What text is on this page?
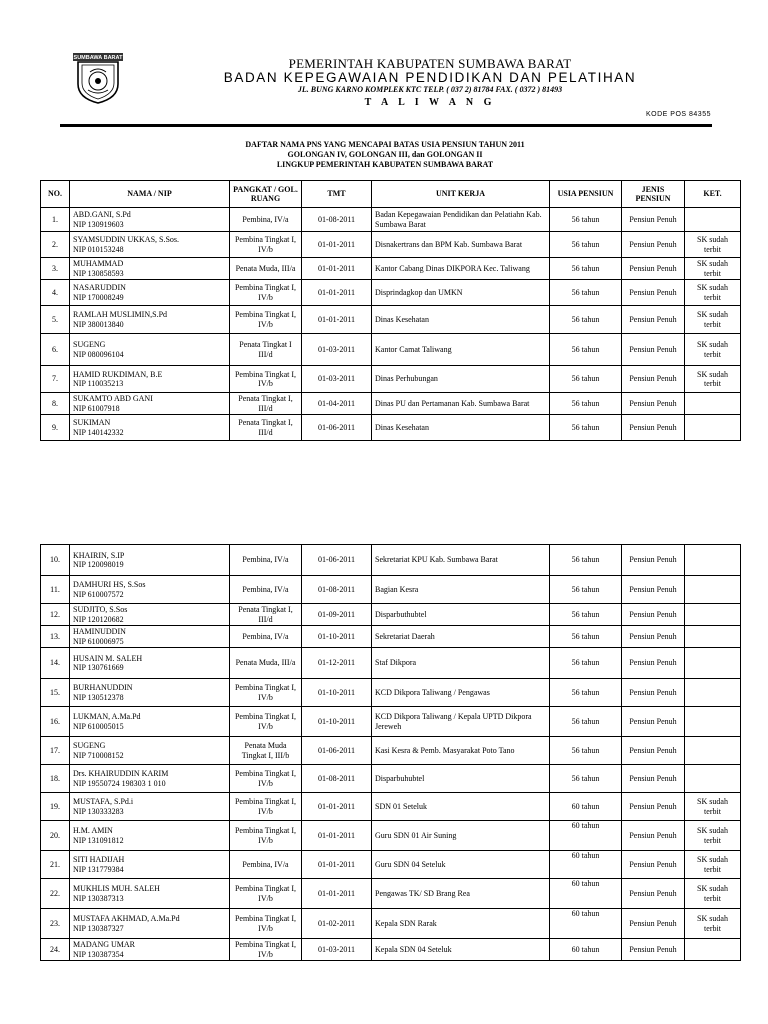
SUMBAWA BARAT	PEMERINTAH KABUPATEN SUMBAWA BARAT
BADAN KEPEGAWAIAN PENDIDIKAN DAN PELATIHAN
JL. BUNG KARNO KOMPLEK KTC TELP. ( 037 2) 81784 FAX. ( 0372 ) 81493
T A L I W A N G
KODE POS 84355
DAFTAR NAMA PNS YANG MENCAPAI BATAS USIA PENSIUN TAHUN 2011
GOLONGAN IV, GOLONGAN III, dan GOLONGAN II
LINGKUP PEMERINTAH KABUPATEN SUMBAWA BARAT
NO.	NAMA / NIP	PANGKAT / GOL. RUANG	TMT	UNIT KERJA	USIA PENSIUN	JENIS PENSIUN	KET.
1.	ABD.GANI, S.Pd
NIP 130919603	Pembina, IV/a	01-08-2011	Badan Kepegawaian Pendidikan dan Pelatiahn Kab. Sumbawa Barat	56 tahun	Pensiun Penuh	
2.	SYAMSUDDIN UKKAS, S.Sos.
NIP 010153248	Pembina Tingkat I, IV/b	01-01-2011	Disnakertrans dan BPM Kab. Sumbawa Barat	56 tahun	Pensiun Penuh	SK sudah terbit
3.	MUHAMMAD
NIP 130858593	Penata Muda, III/a	01-01-2011	Kantor Cabang Dinas DIKPORA Kec. Taliwang	56 tahun	Pensiun Penuh	SK sudah terbit
4.	NASARUDDIN
NIP 170008249	Pembina Tingkat I, IV/b	01-01-2011	Disprindagkop dan UMKN	56 tahun	Pensiun Penuh	SK sudah terbit
5.	RAMLAH MUSLIMIN,S.Pd
NIP 380013840	Pembina Tingkat I, IV/b	01-01-2011	Dinas Kesehatan	56 tahun	Pensiun Penuh	SK sudah terbit
6.	SUGENG
NIP 080096104	Penata Tingkat I III/d	01-03-2011	Kantor Camat Taliwang	56 tahun	Pensiun Penuh	SK sudah terbit
7.	HAMID RUKDIMAN, B.E
NIP 110035213	Pembina Tingkat I, IV/b	01-03-2011	Dinas Perhubungan	56 tahun	Pensiun Penuh	SK sudah terbit
8.	SUKAMTO ABD GANI
NIP 61007918	Penata Tingkat I, III/d	01-04-2011	Dinas PU dan Pertamanan Kab. Sumbawa Barat	56 tahun	Pensiun Penuh	
9.	SUKIMAN
NIP 140142332	Penata Tingkat I, III/d	01-06-2011	Dinas Kesehatan	56 tahun	Pensiun Penuh	
10.	KHAIRIN, S.IP
NIP 120098019	Pembina, IV/a	01-06-2011	Sekretariat KPU Kab. Sumbawa Barat	56 tahun	Pensiun Penuh	
11.	DAMHURI HS, S.Sos
NIP 610007572	Pembina, IV/a	01-08-2011	Bagian Kesra	56 tahun	Pensiun Penuh	
12.	SUDJITO, S.Sos
NIP 120120682	Penata Tingkat I, III/d	01-09-2011	Disparbuthubtel	56 tahun	Pensiun Penuh	
13.	HAMINUDDIN
NIP 610006975	Pembina, IV/a	01-10-2011	Sekretariat Daerah	56 tahun	Pensiun Penuh	
14.	HUSAIN M. SALEH
NIP 130761669	Penata Muda, III/a	01-12-2011	Staf Dikpora	56 tahun	Pensiun Penuh	
15.	BURHANUDDIN
NIP 130512378	Pembina Tingkat I, IV/b	01-10-2011	KCD Dikpora Taliwang / Pengawas	56 tahun	Pensiun Penuh	
16.	LUKMAN, A.Ma.Pd
NIP 610005015	Pembina Tingkat I, IV/b	01-10-2011	KCD Dikpora Taliwang / Kepala UPTD Dikpora Jereweh	56 tahun	Pensiun Penuh	
17.	SUGENG
NIP 710008152	Penata Muda Tingkat I, III/b	01-06-2011	Kasi Kesra & Pemb. Masyarakat Poto Tano	56 tahun	Pensiun Penuh	
18.	Drs. KHAIRUDDIN KARIM
NIP 19550724 198303 1 010	Pembina Tingkat I, IV/b	01-08-2011	Disparbuhubtel	56 tahun	Pensiun Penuh	
19.	MUSTAFA, S.Pd.i
NIP 130333283	Pembina Tingkat I, IV/b	01-01-2011	SDN 01 Seteluk	60 tahun	Pensiun Penuh	SK sudah terbit
20.	H.M. AMIN
NIP 131091812	Pembina Tingkat I, IV/b	01-01-2011	Guru SDN 01 Air Suning	60 tahun	Pensiun Penuh	SK sudah terbit
21.	SITI HADIJAH
NIP 131779384	Pembina, IV/a	01-01-2011	Guru SDN 04 Seteluk	60 tahun	Pensiun Penuh	SK sudah terbit
22.	MUKHLIS MUH. SALEH
NIP 130387313	Pembina Tingkat I, IV/b	01-01-2011	Pengawas TK/ SD Brang Rea	60 tahun	Pensiun Penuh	SK sudah terbit
23.	MUSTAFA AKHMAD, A.Ma.Pd
NIP 130387327	Pembina Tingkat I, IV/b	01-02-2011	Kepala SDN Rarak	60 tahun	Pensiun Penuh	SK sudah terbit
24.	MADANG UMAR
NIP 130387354	Pembina Tingkat I, IV/b	01-03-2011	Kepala SDN 04 Seteluk	60 tahun	Pensiun Penuh	
